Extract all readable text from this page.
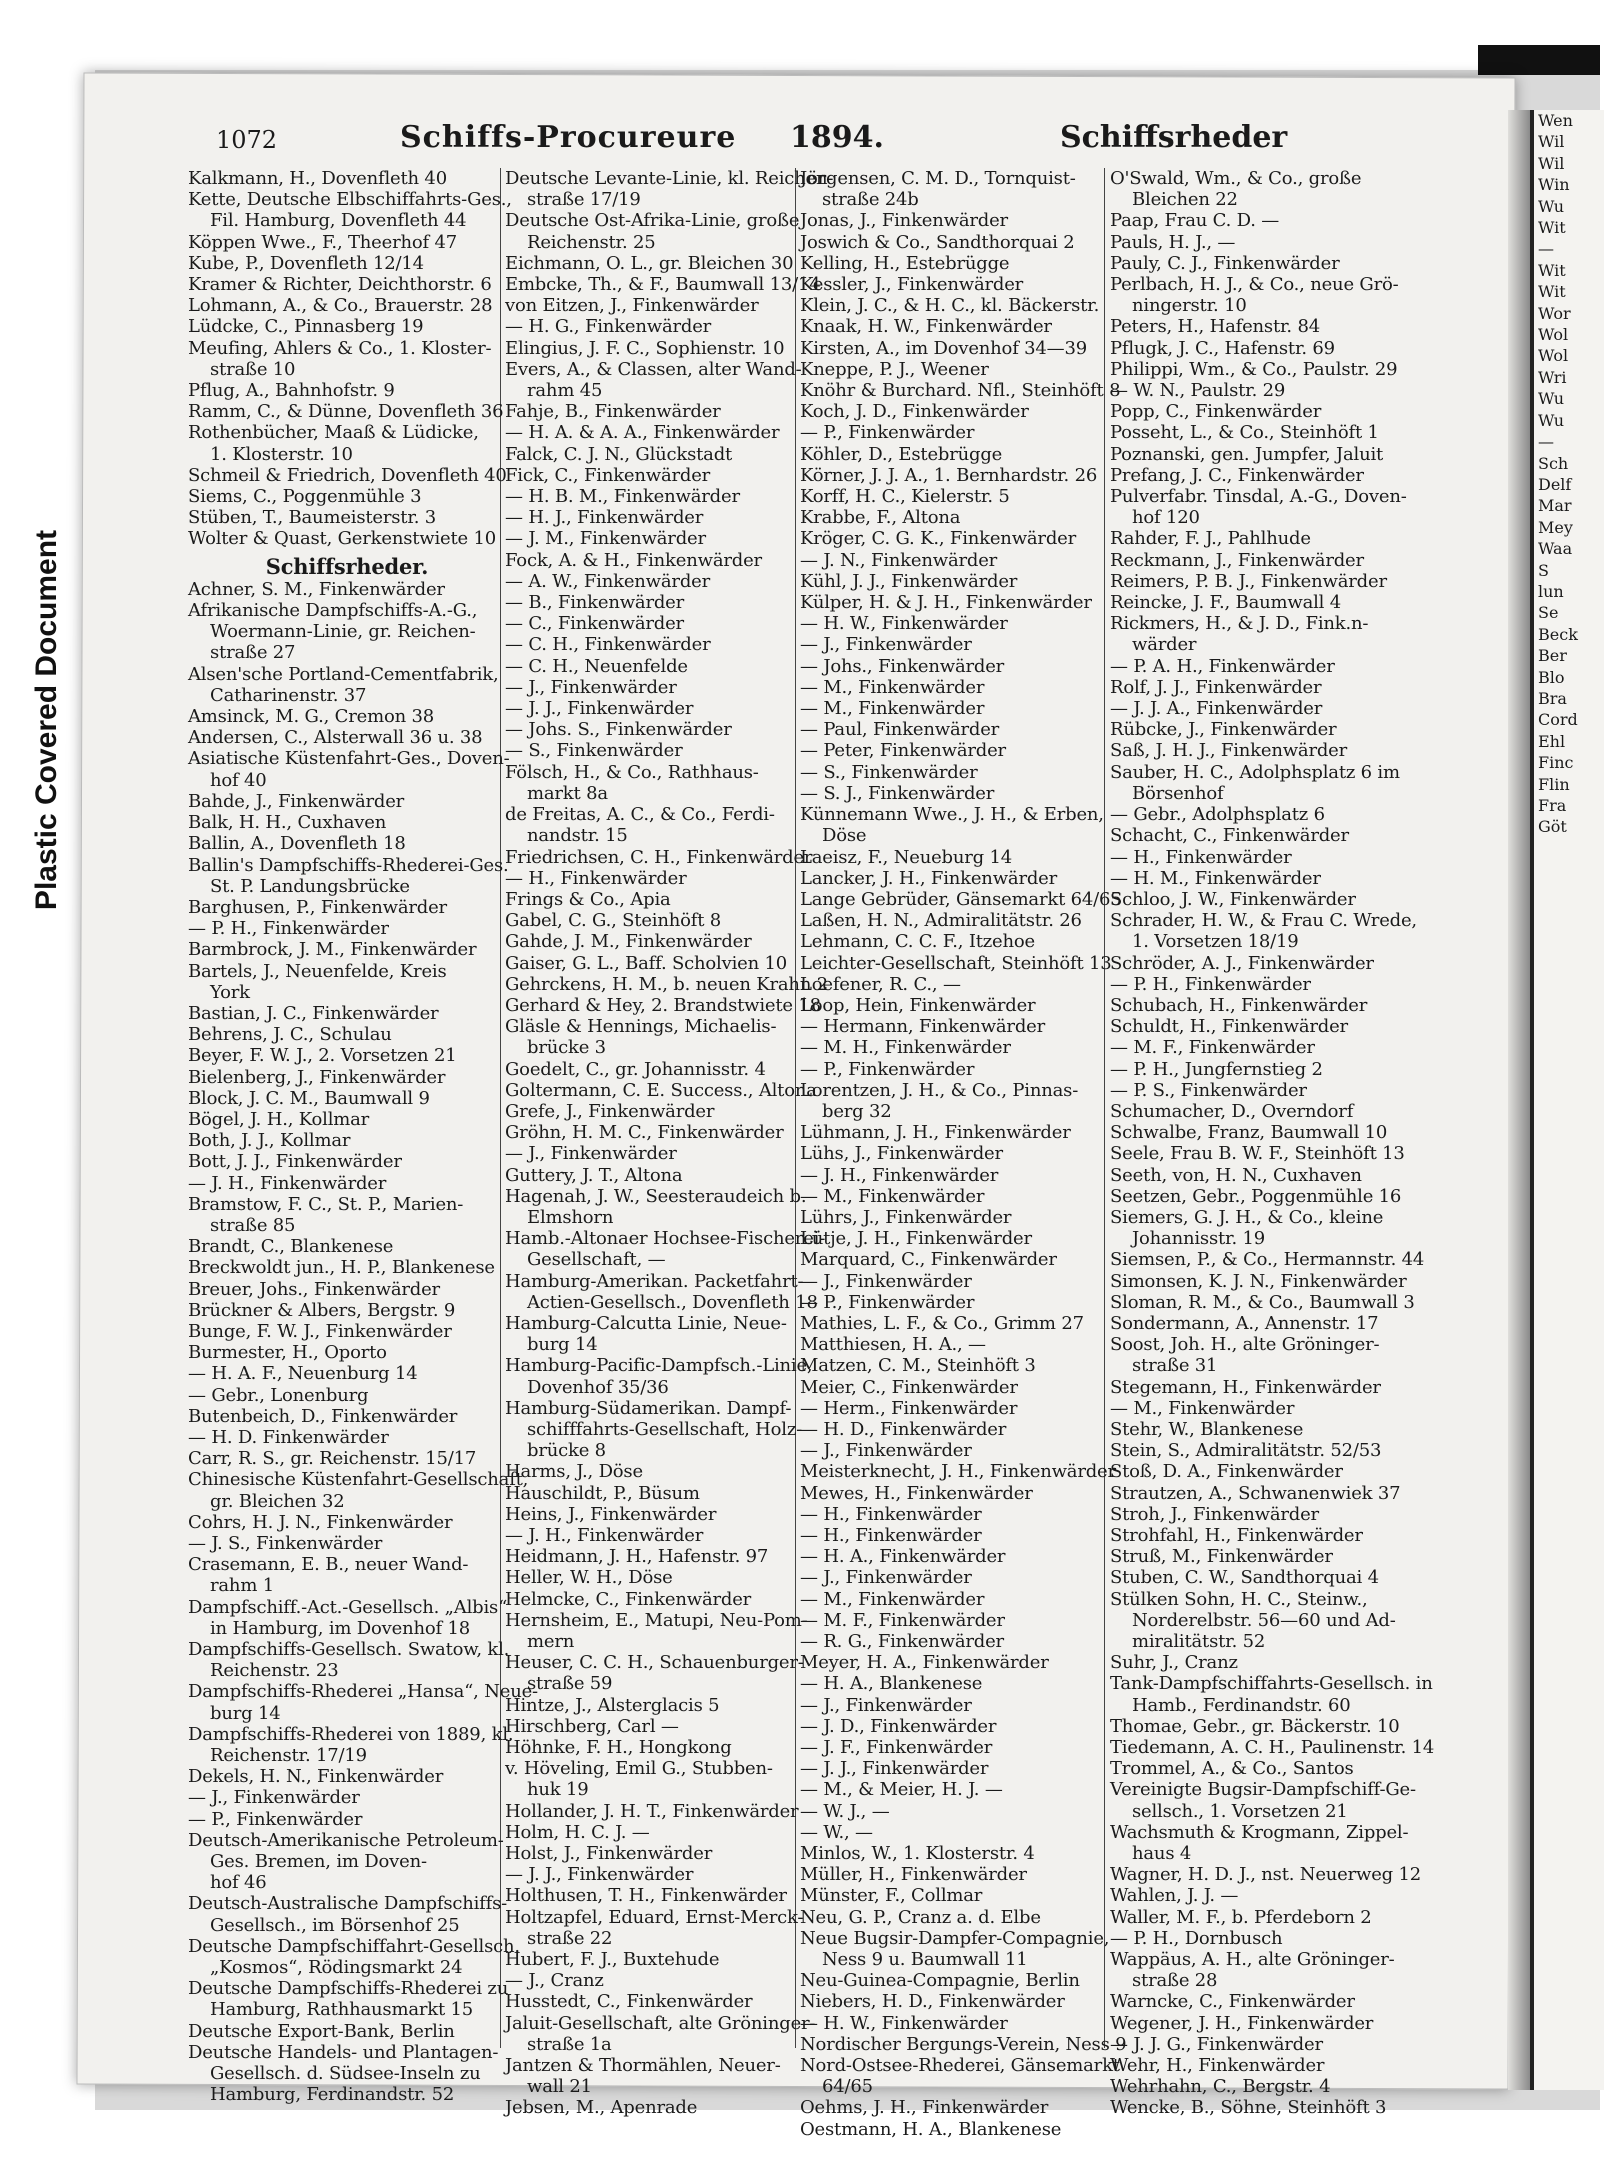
Plastic Covered Document
Wen
Wil
Wil
Win
Wu
Wit
—
Wit
Wit
Wor
Wol
Wol
Wri
Wu
Wu
—
Sch
Delf
Mar
Mey
Waa
S
lun
Se
Beck
Ber
Blo
Bra
Cord
Ehl
Finc
Flin
Fra
Göt
1072	Schiffs-Procureure 1894.	Schiffsrheder
Kalkmann, H., Dovenfleth 40
Kette, Deutsche Elbschiffahrts-Ges.,
Fil. Hamburg, Dovenfleth 44
Köppen Wwe., F., Theerhof 47
Kube, P., Dovenfleth 12/14
Kramer & Richter, Deichthorstr. 6
Lohmann, A., & Co., Brauerstr. 28
Lüdcke, C., Pinnasberg 19
Meufing, Ahlers & Co., 1. Kloster-
straße 10
Pflug, A., Bahnhofstr. 9
Ramm, C., & Dünne, Dovenfleth 36
Rothenbücher, Maaß & Lüdicke,
1. Klosterstr. 10
Schmeil & Friedrich, Dovenfleth 40
Siems, C., Poggenmühle 3
Stüben, T., Baumeisterstr. 3
Wolter & Quast, Gerkenstwiete 10
Schiffsrheder.
Achner, S. M., Finkenwärder
Afrikanische Dampfschiffs-A.-G.,
Woermann-Linie, gr. Reichen-
straße 27
Alsen'sche Portland-Cementfabrik,
Catharinenstr. 37
Amsinck, M. G., Cremon 38
Andersen, C., Alsterwall 36 u. 38
Asiatische Küstenfahrt-Ges., Doven-
hof 40
Bahde, J., Finkenwärder
Balk, H. H., Cuxhaven
Ballin, A., Dovenfleth 18
Ballin's Dampfschiffs-Rhederei-Ges.
St. P. Landungsbrücke
Barghusen, P., Finkenwärder
— P. H., Finkenwärder
Barmbrock, J. M., Finkenwärder
Bartels, J., Neuenfelde, Kreis
York
Bastian, J. C., Finkenwärder
Behrens, J. C., Schulau
Beyer, F. W. J., 2. Vorsetzen 21
Bielenberg, J., Finkenwärder
Block, J. C. M., Baumwall 9
Bögel, J. H., Kollmar
Both, J. J., Kollmar
Bott, J. J., Finkenwärder
— J. H., Finkenwärder
Bramstow, F. C., St. P., Marien-
straße 85
Brandt, C., Blankenese
Breckwoldt jun., H. P., Blankenese
Breuer, Johs., Finkenwärder
Brückner & Albers, Bergstr. 9
Bunge, F. W. J., Finkenwärder
Burmester, H., Oporto
— H. A. F., Neuenburg 14
— Gebr., Lonenburg
Butenbeich, D., Finkenwärder
— H. D. Finkenwärder
Carr, R. S., gr. Reichenstr. 15/17
Chinesische Küstenfahrt-Gesellschaft,
gr. Bleichen 32
Cohrs, H. J. N., Finkenwärder
— J. S., Finkenwärder
Crasemann, E. B., neuer Wand-
rahm 1
Dampfschiff.-Act.-Gesellsch. „Albis“
in Hamburg, im Dovenhof 18
Dampfschiffs-Gesellsch. Swatow, kl.
Reichenstr. 23
Dampfschiffs-Rhederei „Hansa“, Neue-
burg 14
Dampfschiffs-Rhederei von 1889, kl.
Reichenstr. 17/19
Dekels, H. N., Finkenwärder
— J., Finkenwärder
— P., Finkenwärder
Deutsch-Amerikanische Petroleum-
Ges. Bremen, im Doven-
hof 46
Deutsch-Australische Dampfschiffs-
Gesellsch., im Börsenhof 25
Deutsche Dampfschiffahrt-Gesellsch.
„Kosmos“, Rödingsmarkt 24
Deutsche Dampfschiffs-Rhederei zu
Hamburg, Rathhausmarkt 15
Deutsche Export-Bank, Berlin
Deutsche Handels- und Plantagen-
Gesellsch. d. Südsee-Inseln zu
Hamburg, Ferdinandstr. 52
Deutsche Levante-Linie, kl. Reichen-
straße 17/19
Deutsche Ost-Afrika-Linie, große
Reichenstr. 25
Eichmann, O. L., gr. Bleichen 30
Embcke, Th., & F., Baumwall 13/14
von Eitzen, J., Finkenwärder
— H. G., Finkenwärder
Elingius, J. F. C., Sophienstr. 10
Evers, A., & Classen, alter Wand-
rahm 45
Fahje, B., Finkenwärder
— H. A. & A. A., Finkenwärder
Falck, C. J. N., Glückstadt
Fick, C., Finkenwärder
— H. B. M., Finkenwärder
— H. J., Finkenwärder
— J. M., Finkenwärder
Fock, A. & H., Finkenwärder
— A. W., Finkenwärder
— B., Finkenwärder
— C., Finkenwärder
— C. H., Finkenwärder
— C. H., Neuenfelde
— J., Finkenwärder
— J. J., Finkenwärder
— Johs. S., Finkenwärder
— S., Finkenwärder
Fölsch, H., & Co., Rathhaus-
markt 8a
de Freitas, A. C., & Co., Ferdi-
nandstr. 15
Friedrichsen, C. H., Finkenwärder
— H., Finkenwärder
Frings & Co., Apia
Gabel, C. G., Steinhöft 8
Gahde, J. M., Finkenwärder
Gaiser, G. L., Baff. Scholvien 10
Gehrckens, H. M., b. neuen Krahn 2
Gerhard & Hey, 2. Brandstwiete 18
Gläsle & Hennings, Michaelis-
brücke 3
Goedelt, C., gr. Johannisstr. 4
Goltermann, C. E. Success., Altona
Grefe, J., Finkenwärder
Gröhn, H. M. C., Finkenwärder
— J., Finkenwärder
Guttery, J. T., Altona
Hagenah, J. W., Seesteraudeich b.
Elmshorn
Hamb.-Altonaer Hochsee-Fischerei-
Gesellschaft, —
Hamburg-Amerikan. Packetfahrt-
Actien-Gesellsch., Dovenfleth 18
Hamburg-Calcutta Linie, Neue-
burg 14
Hamburg-Pacific-Dampfsch.-Linie,
Dovenhof 35/36
Hamburg-Südamerikan. Dampf-
schifffahrts-Gesellschaft, Holz-
brücke 8
Harms, J., Döse
Hauschildt, P., Büsum
Heins, J., Finkenwärder
— J. H., Finkenwärder
Heidmann, J. H., Hafenstr. 97
Heller, W. H., Döse
Helmcke, C., Finkenwärder
Hernsheim, E., Matupi, Neu-Pom-
mern
Heuser, C. C. H., Schauenburger-
straße 59
Hintze, J., Alsterglacis 5
Hirschberg, Carl —
Höhnke, F. H., Hongkong
v. Höveling, Emil G., Stubben-
huk 19
Hollander, J. H. T., Finkenwärder
Holm, H. C. J. —
Holst, J., Finkenwärder
— J. J., Finkenwärder
Holthusen, T. H., Finkenwärder
Holtzapfel, Eduard, Ernst-Merck-
straße 22
Hubert, F. J., Buxtehude
— J., Cranz
Husstedt, C., Finkenwärder
Jaluit-Gesellschaft, alte Gröninger-
straße 1a
Jantzen & Thormählen, Neuer-
wall 21
Jebsen, M., Apenrade
Jörgensen, C. M. D., Tornquist-
straße 24b
Jonas, J., Finkenwärder
Joswich & Co., Sandthorquai 2
Kelling, H., Estebrügge
Kessler, J., Finkenwärder
Klein, J. C., & H. C., kl. Bäckerstr.
Knaak, H. W., Finkenwärder
Kirsten, A., im Dovenhof 34—39
Kneppe, P. J., Weener
Knöhr & Burchard. Nfl., Steinhöft 8
Koch, J. D., Finkenwärder
— P., Finkenwärder
Köhler, D., Estebrügge
Körner, J. J. A., 1. Bernhardstr. 26
Korff, H. C., Kielerstr. 5
Krabbe, F., Altona
Kröger, C. G. K., Finkenwärder
— J. N., Finkenwärder
Kühl, J. J., Finkenwärder
Külper, H. & J. H., Finkenwärder
— H. W., Finkenwärder
— J., Finkenwärder
— Johs., Finkenwärder
— M., Finkenwärder
— M., Finkenwärder
— Paul, Finkenwärder
— Peter, Finkenwärder
— S., Finkenwärder
— S. J., Finkenwärder
Künnemann Wwe., J. H., & Erben,
Döse
Laeisz, F., Neueburg 14
Lancker, J. H., Finkenwärder
Lange Gebrüder, Gänsemarkt 64/65
Laßen, H. N., Admiralitätstr. 26
Lehmann, C. C. F., Itzehoe
Leichter-Gesellschaft, Steinhöft 13
Loefener, R. C., —
Loop, Hein, Finkenwärder
— Hermann, Finkenwärder
— M. H., Finkenwärder
— P., Finkenwärder
Lorentzen, J. H., & Co., Pinnas-
berg 32
Lühmann, J. H., Finkenwärder
Lühs, J., Finkenwärder
— J. H., Finkenwärder
— M., Finkenwärder
Lührs, J., Finkenwärder
Lütje, J. H., Finkenwärder
Marquard, C., Finkenwärder
— J., Finkenwärder
— P., Finkenwärder
Mathies, L. F., & Co., Grimm 27
Matthiesen, H. A., —
Matzen, C. M., Steinhöft 3
Meier, C., Finkenwärder
— Herm., Finkenwärder
— H. D., Finkenwärder
— J., Finkenwärder
Meisterknecht, J. H., Finkenwärder
Mewes, H., Finkenwärder
— H., Finkenwärder
— H., Finkenwärder
— H. A., Finkenwärder
— J., Finkenwärder
— M., Finkenwärder
— M. F., Finkenwärder
— R. G., Finkenwärder
Meyer, H. A., Finkenwärder
— H. A., Blankenese
— J., Finkenwärder
— J. D., Finkenwärder
— J. F., Finkenwärder
— J. J., Finkenwärder
— M., & Meier, H. J. —
— W. J., —
— W., —
Minlos, W., 1. Klosterstr. 4
Müller, H., Finkenwärder
Münster, F., Collmar
Neu, G. P., Cranz a. d. Elbe
Neue Bugsir-Dampfer-Compagnie,
Ness 9 u. Baumwall 11
Neu-Guinea-Compagnie, Berlin
Niebers, H. D., Finkenwärder
— H. W., Finkenwärder
Nordischer Bergungs-Verein, Ness 9
Nord-Ostsee-Rhederei, Gänsemarkt
64/65
Oehms, J. H., Finkenwärder
Oestmann, H. A., Blankenese
O'Swald, Wm., & Co., große
Bleichen 22
Paap, Frau C. D. —
Pauls, H. J., —
Pauly, C. J., Finkenwärder
Perlbach, H. J., & Co., neue Grö-
ningerstr. 10
Peters, H., Hafenstr. 84
Pflugk, J. C., Hafenstr. 69
Philippi, Wm., & Co., Paulstr. 29
— W. N., Paulstr. 29
Popp, C., Finkenwärder
Posseht, L., & Co., Steinhöft 1
Poznanski, gen. Jumpfer, Jaluit
Prefang, J. C., Finkenwärder
Pulverfabr. Tinsdal, A.-G., Doven-
hof 120
Rahder, F. J., Pahlhude
Reckmann, J., Finkenwärder
Reimers, P. B. J., Finkenwärder
Reincke, J. F., Baumwall 4
Rickmers, H., & J. D., Fink.n-
wärder
— P. A. H., Finkenwärder
Rolf, J. J., Finkenwärder
— J. J. A., Finkenwärder
Rübcke, J., Finkenwärder
Saß, J. H. J., Finkenwärder
Sauber, H. C., Adolphsplatz 6 im
Börsenhof
— Gebr., Adolphsplatz 6
Schacht, C., Finkenwärder
— H., Finkenwärder
— H. M., Finkenwärder
Schloo, J. W., Finkenwärder
Schrader, H. W., & Frau C. Wrede,
1. Vorsetzen 18/19
Schröder, A. J., Finkenwärder
— P. H., Finkenwärder
Schubach, H., Finkenwärder
Schuldt, H., Finkenwärder
— M. F., Finkenwärder
— P. H., Jungfernstieg 2
— P. S., Finkenwärder
Schumacher, D., Overndorf
Schwalbe, Franz, Baumwall 10
Seele, Frau B. W. F., Steinhöft 13
Seeth, von, H. N., Cuxhaven
Seetzen, Gebr., Poggenmühle 16
Siemers, G. J. H., & Co., kleine
Johannisstr. 19
Siemsen, P., & Co., Hermannstr. 44
Simonsen, K. J. N., Finkenwärder
Sloman, R. M., & Co., Baumwall 3
Sondermann, A., Annenstr. 17
Soost, Joh. H., alte Gröninger-
straße 31
Stegemann, H., Finkenwärder
— M., Finkenwärder
Stehr, W., Blankenese
Stein, S., Admiralitätstr. 52/53
Stoß, D. A., Finkenwärder
Strautzen, A., Schwanenwiek 37
Stroh, J., Finkenwärder
Strohfahl, H., Finkenwärder
Struß, M., Finkenwärder
Stuben, C. W., Sandthorquai 4
Stülken Sohn, H. C., Steinw.,
Norderelbstr. 56—60 und Ad-
miralitätstr. 52
Suhr, J., Cranz
Tank-Dampfschiffahrts-Gesellsch. in
Hamb., Ferdinandstr. 60
Thomae, Gebr., gr. Bäckerstr. 10
Tiedemann, A. C. H., Paulinenstr. 14
Trommel, A., & Co., Santos
Vereinigte Bugsir-Dampfschiff-Ge-
sellsch., 1. Vorsetzen 21
Wachsmuth & Krogmann, Zippel-
haus 4
Wagner, H. D. J., nst. Neuerweg 12
Wahlen, J. J. —
Waller, M. F., b. Pferdeborn 2
— P. H., Dornbusch
Wappäus, A. H., alte Gröninger-
straße 28
Warncke, C., Finkenwärder
Wegener, J. H., Finkenwärder
— J. J. G., Finkenwärder
Wehr, H., Finkenwärder
Wehrhahn, C., Bergstr. 4
Wencke, B., Söhne, Steinhöft 3
